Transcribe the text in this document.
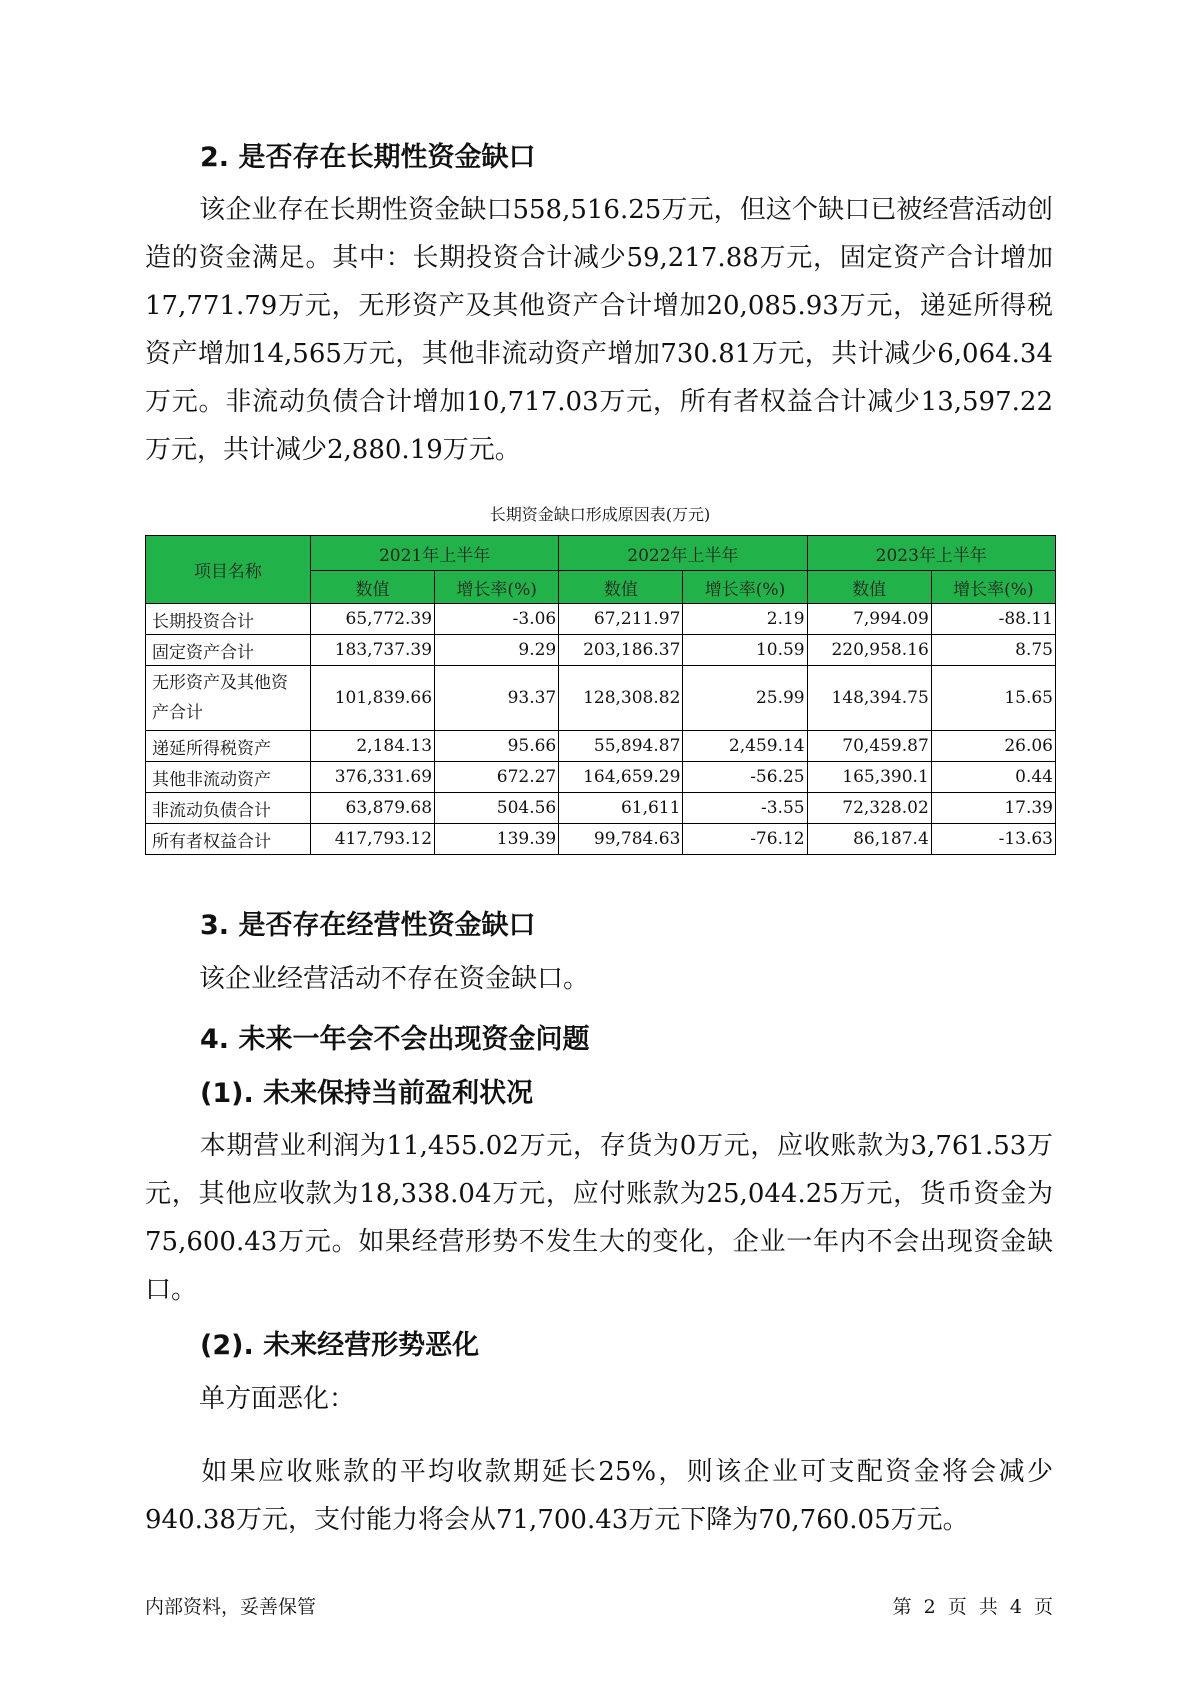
2. 是否存在长期性资金缺口

该企业存在长期性资金缺口558,516.25万元，但这个缺口已被经营活动创造的资金满足。其中：长期投资合计减少59,217.88万元，固定资产合计增加17,771.79万元，无形资产及其他资产合计增加20,085.93万元，递延所得税资产增加14,565万元，其他非流动资产增加730.81万元，共计减少6,064.34万元。非流动负债合计增加10,717.03万元，所有者权益合计减少13,597.22万元，共计减少2,880.19万元。

长期资金缺口形成原因表(万元)

项目名称	2021年上半年		2022年上半年		2023年上半年	
	数值	增长率(%)	数值	增长率(%)	数值	增长率(%)
长期投资合计	65,772.39	-3.06	67,211.97	2.19	7,994.09	-88.11
固定资产合计	183,737.39	9.29	203,186.37	10.59	220,958.16	8.75
无形资产及其他资
产合计	101,839.66	93.37	128,308.82	25.99	148,394.75	15.65
递延所得税资产	2,184.13	95.66	55,894.87	2,459.14	70,459.87	26.06
其他非流动资产	376,331.69	672.27	164,659.29	-56.25	165,390.1	0.44
非流动负债合计	63,879.68	504.56	61,611	-3.55	72,328.02	17.39
所有者权益合计	417,793.12	139.39	99,784.63	-76.12	86,187.4	-13.63
3. 是否存在经营性资金缺口

该企业经营活动不存在资金缺口。

4. 未来一年会不会出现资金问题
(1). 未来保持当前盈利状况

本期营业利润为11,455.02万元，存货为0万元，应收账款为3,761.53万元，其他应收款为18,338.04万元，应付账款为25,044.25万元，货币资金为75,600.43万元。如果经营形势不发生大的变化，企业一年内不会出现资金缺口。

(2). 未来经营形势恶化

单方面恶化：

如果应收账款的平均收款期延长25%，则该企业可支配资金将会减少940.38万元，支付能力将会从71,700.43万元下降为70,760.05万元。

内部资料，妥善保管	第 2 页 共 4 页
